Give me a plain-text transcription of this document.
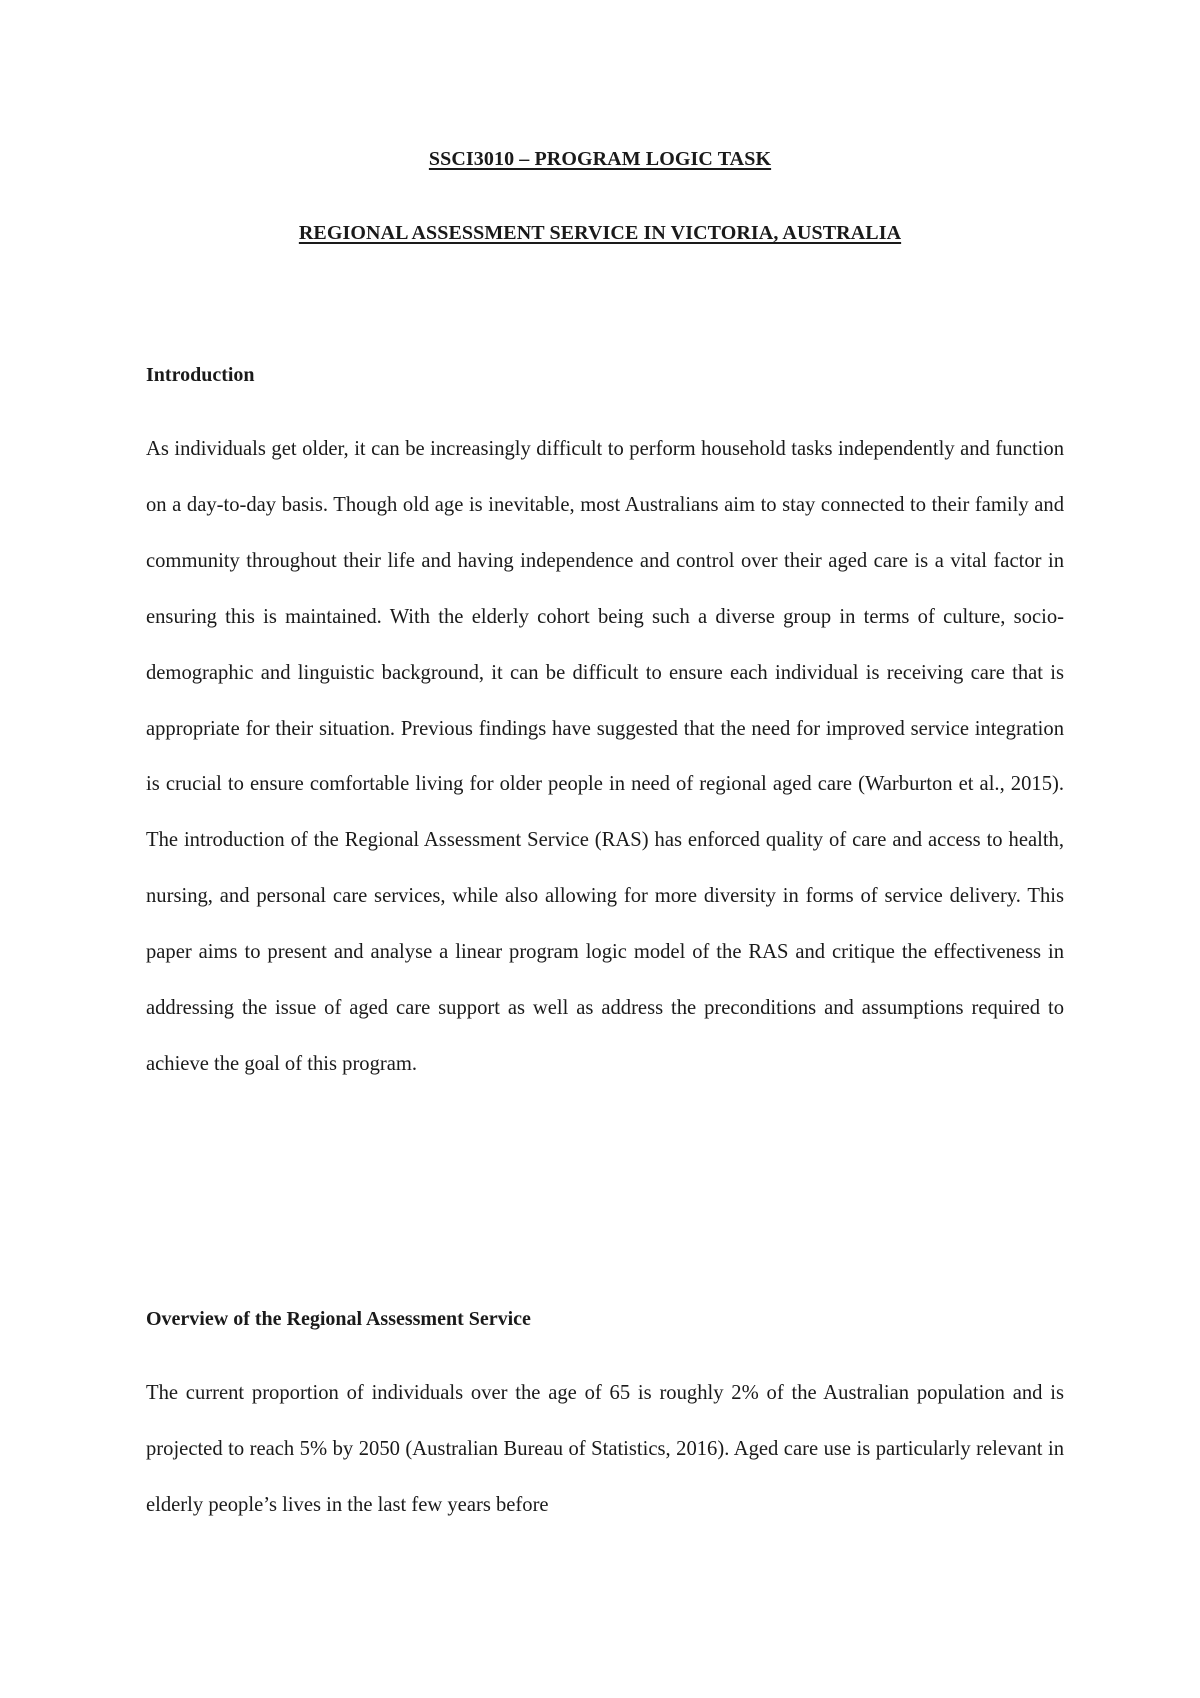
SSCI3010 – PROGRAM LOGIC TASK
REGIONAL ASSESSMENT SERVICE IN VICTORIA, AUSTRALIA
Introduction

As individuals get older, it can be increasingly difficult to perform household tasks independently and function on a day-to-day basis. Though old age is inevitable, most Australians aim to stay connected to their family and community throughout their life and having independence and control over their aged care is a vital factor in ensuring this is maintained. With the elderly cohort being such a diverse group in terms of culture, socio-demographic and linguistic background, it can be difficult to ensure each individual is receiving care that is appropriate for their situation. Previous findings have suggested that the need for improved service integration is crucial to ensure comfortable living for older people in need of regional aged care (Warburton et al., 2015). The introduction of the Regional Assessment Service (RAS) has enforced quality of care and access to health, nursing, and personal care services, while also allowing for more diversity in forms of service delivery. This paper aims to present and analyse a linear program logic model of the RAS and critique the effectiveness in addressing the issue of aged care support as well as address the preconditions and assumptions required to achieve the goal of this program.

Overview of the Regional Assessment Service

The current proportion of individuals over the age of 65 is roughly 2% of the Australian population and is projected to reach 5% by 2050 (Australian Bureau of Statistics, 2016). Aged care use is particularly relevant in elderly people’s lives in the last few years before
